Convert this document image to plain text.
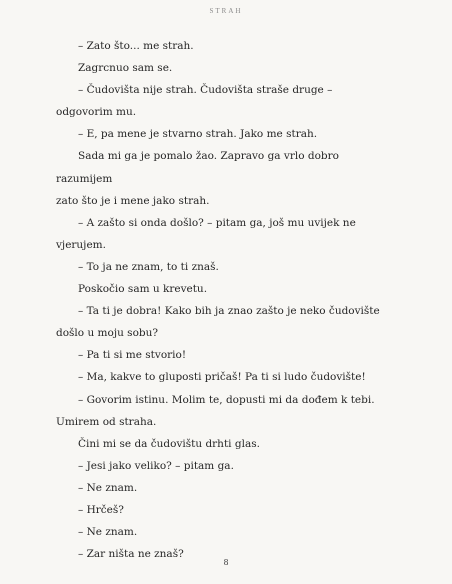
STRAH

– Zato što... me strah.

Zagrcnuo sam se.

– Čudovišta nije strah. Čudovišta straše druge –
odgovorim mu.

– E, pa mene je stvarno strah. Jako me strah.

Sada mi ga je pomalo žao. Zapravo ga vrlo dobro razumijem
zato što je i mene jako strah.

– A zašto si onda došlo? – pitam ga, još mu uvijek ne
vjerujem.

– To ja ne znam, to ti znaš.

Poskočio sam u krevetu.

– Ta ti je dobra! Kako bih ja znao zašto je neko čudovište
došlo u moju sobu?

– Pa ti si me stvorio!

– Ma, kakve to gluposti pričaš! Pa ti si ludo čudovište!

– Govorim istinu. Molim te, dopusti mi da dođem k tebi.
Umirem od straha.

Čini mi se da čudovištu drhti glas.

– Jesi jako veliko? – pitam ga.

– Ne znam.

– Hrčeš?

– Ne znam.

– Zar ništa ne znaš?

8
